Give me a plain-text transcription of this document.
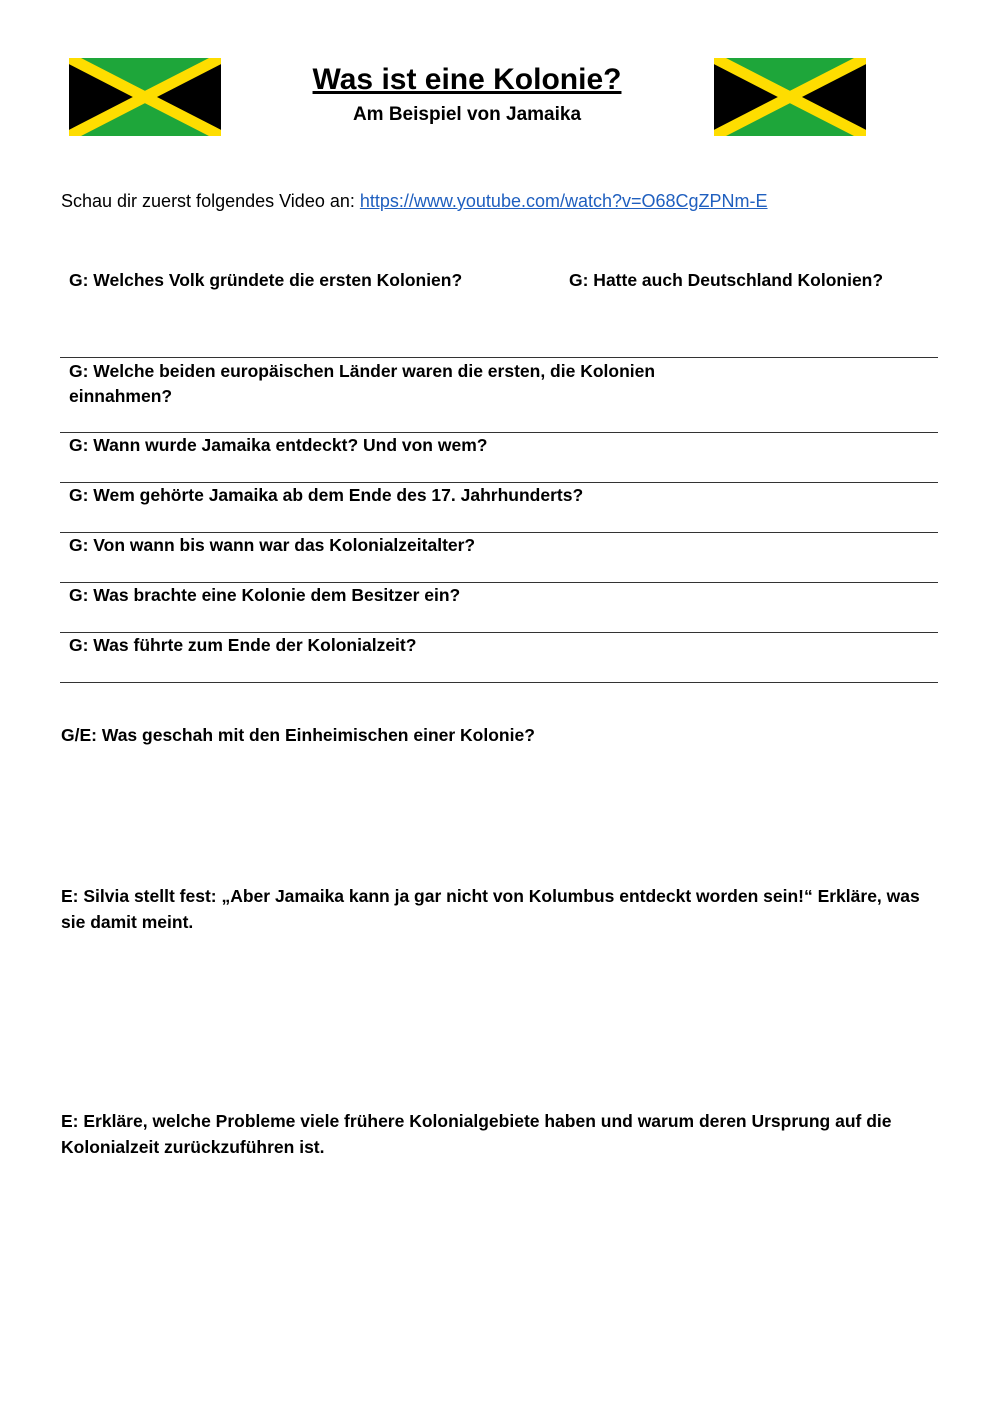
Was ist eine Kolonie?
Am Beispiel von Jamaika
Schau dir zuerst folgendes Video an: https://www.youtube.com/watch?v=O68CgZPNm-E
G: Welches Volk gründete die ersten Kolonien?	G: Hatte auch Deutschland Kolonien?
G: Welche beiden europäischen Länder waren die ersten, die Kolonien einnahmen?
G: Wann wurde Jamaika entdeckt? Und von wem?
G: Wem gehörte Jamaika ab dem Ende des 17. Jahrhunderts?
G: Von wann bis wann war das Kolonialzeitalter?
G: Was brachte eine Kolonie dem Besitzer ein?
G: Was führte zum Ende der Kolonialzeit?
G/E: Was geschah mit den Einheimischen einer Kolonie?
E: Silvia stellt fest: „Aber Jamaika kann ja gar nicht von Kolumbus entdeckt worden sein!“ Erkläre, was sie damit meint.
E: Erkläre, welche Probleme viele frühere Kolonialgebiete haben und warum deren Ursprung auf die Kolonialzeit zurückzuführen ist.
